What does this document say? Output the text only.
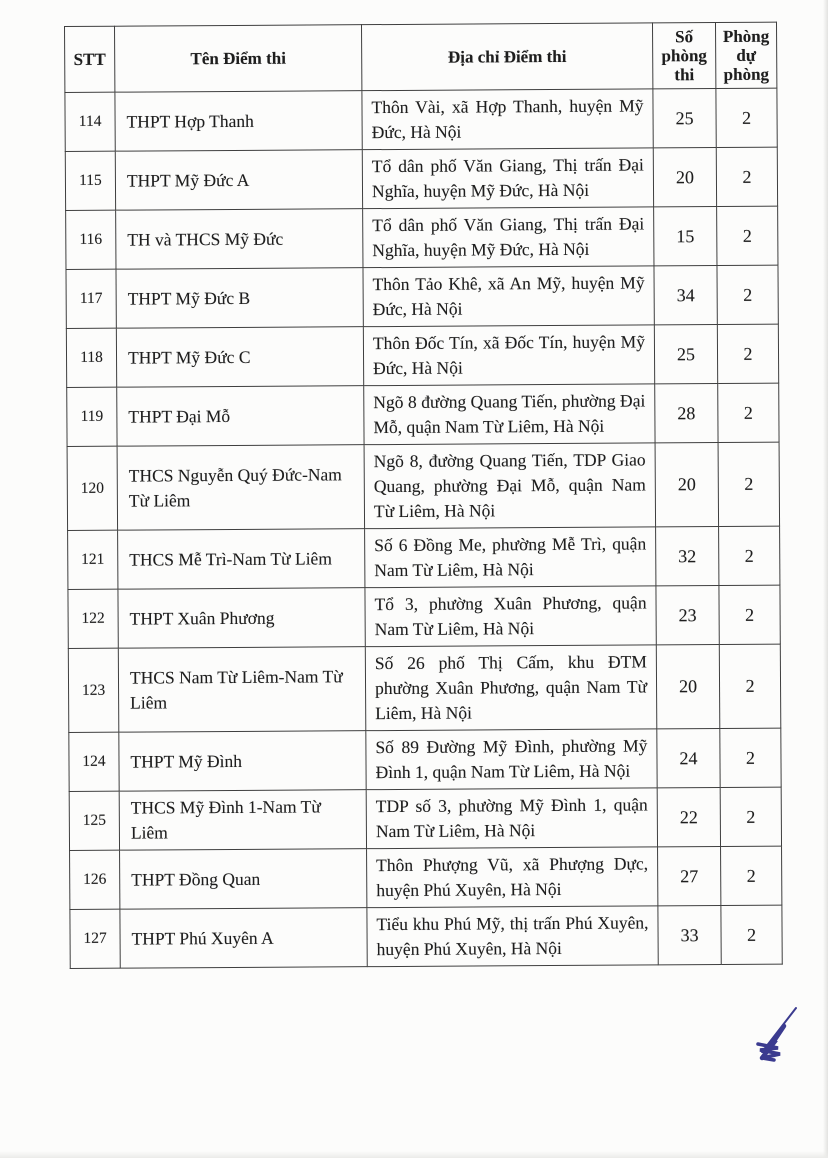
STT	Tên Điểm thi	Địa chỉ Điểm thi	Số phòng thi	Phòng dự phòng
114	THPT Hợp Thanh	Thôn Vài, xã Hợp Thanh, huyện Mỹ Đức, Hà Nội	25	2
115	THPT Mỹ Đức A	Tổ dân phố Văn Giang, Thị trấn Đại Nghĩa, huyện Mỹ Đức, Hà Nội	20	2
116	TH và THCS Mỹ Đức	Tổ dân phố Văn Giang, Thị trấn Đại Nghĩa, huyện Mỹ Đức, Hà Nội	15	2
117	THPT Mỹ Đức B	Thôn Tảo Khê, xã An Mỹ, huyện Mỹ Đức, Hà Nội	34	2
118	THPT Mỹ Đức C	Thôn Đốc Tín, xã Đốc Tín, huyện Mỹ Đức, Hà Nội	25	2
119	THPT Đại Mỗ	Ngõ 8 đường Quang Tiến, phường Đại Mỗ, quận Nam Từ Liêm, Hà Nội	28	2
120	THCS Nguyễn Quý Đức-Nam Từ Liêm	Ngõ 8, đường Quang Tiến, TDP Giao Quang, phường Đại Mỗ, quận Nam Từ Liêm, Hà Nội	20	2
121	THCS Mễ Trì-Nam Từ Liêm	Số 6 Đồng Me, phường Mễ Trì, quận Nam Từ Liêm, Hà Nội	32	2
122	THPT Xuân Phương	Tổ 3, phường Xuân Phương, quận Nam Từ Liêm, Hà Nội	23	2
123	THCS Nam Từ Liêm-Nam Từ Liêm	Số 26 phố Thị Cấm, khu ĐTM phường Xuân Phương, quận Nam Từ Liêm, Hà Nội	20	2
124	THPT Mỹ Đình	Số 89 Đường Mỹ Đình, phường Mỹ Đình 1, quận Nam Từ Liêm, Hà Nội	24	2
125	THCS Mỹ Đình 1-Nam Từ Liêm	TDP số 3, phường Mỹ Đình 1, quận Nam Từ Liêm, Hà Nội	22	2
126	THPT Đồng Quan	Thôn Phượng Vũ, xã Phượng Dực, huyện Phú Xuyên, Hà Nội	27	2
127	THPT Phú Xuyên A	Tiểu khu Phú Mỹ, thị trấn Phú Xuyên, huyện Phú Xuyên, Hà Nội	33	2
